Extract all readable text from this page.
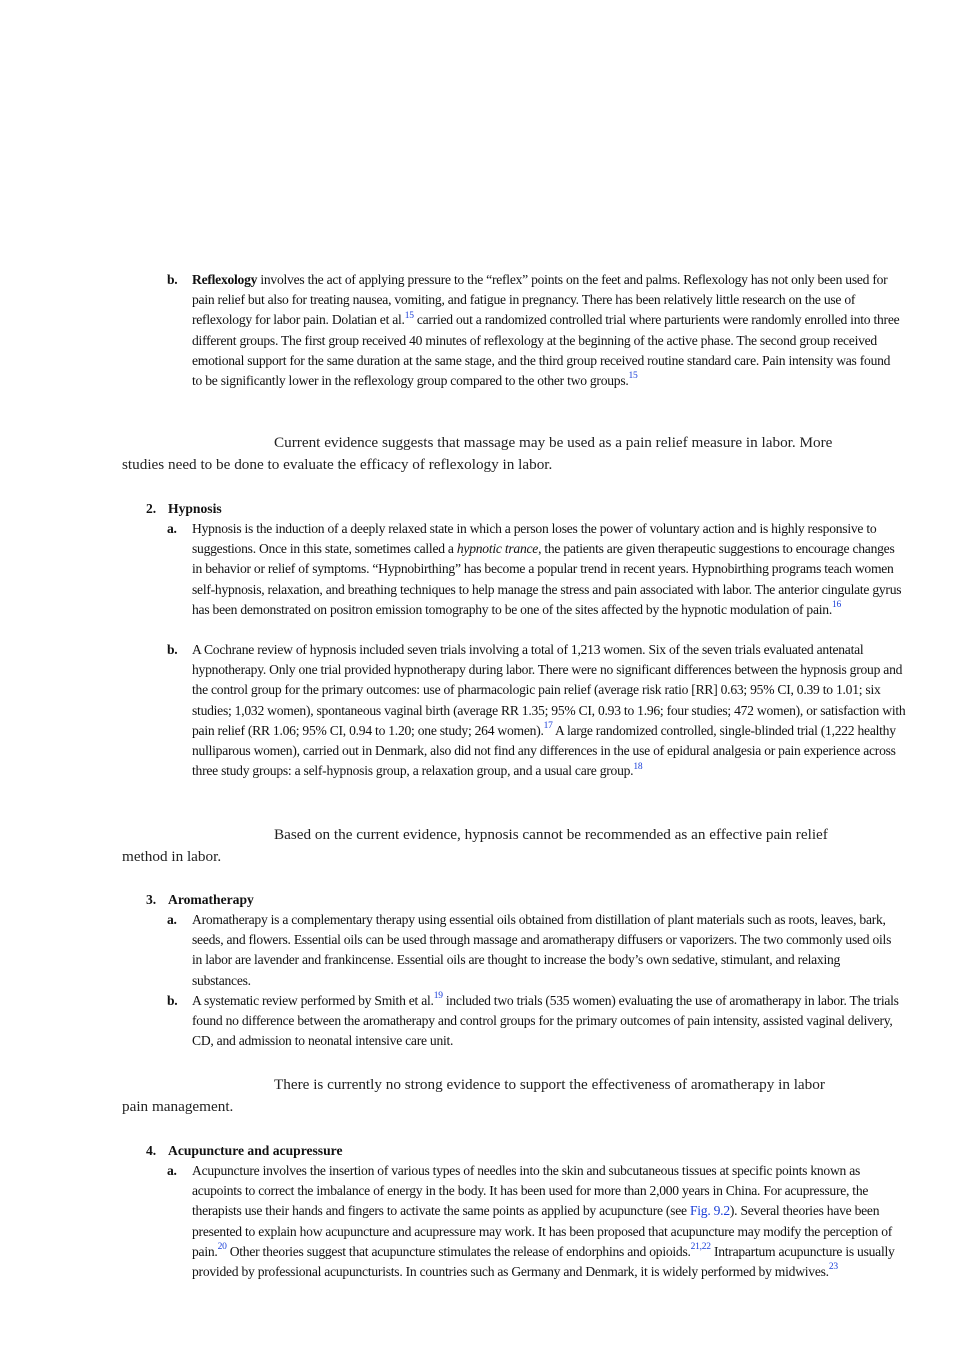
b. Reflexology involves the act of applying pressure to the “reflex” points on the feet and palms. Reflexology has not only been used for pain relief but also for treating nausea, vomiting, and fatigue in pregnancy. There has been relatively little research on the use of reflexology for labor pain. Dolatian et al.$^{15}$ carried out a randomized controlled trial where parturients were randomly enrolled into three different groups. The first group received 40 minutes of reflexology at the beginning of the active phase. The second group received emotional support for the same duration at the same stage, and the third group received routine standard care. Pain intensity was found to be significantly lower in the reflexology group compared to the other two groups.$^{15}$
Current evidence suggests that massage may be used as a pain relief measure in labor. More
studies need to be done to evaluate the efficacy of reflexology in labor.
2. Hypnosis
a. Hypnosis is the induction of a deeply relaxed state in which a person loses the power of voluntary action and is highly responsive to suggestions. Once in this state, sometimes called a hypnotic trance, the patients are given therapeutic suggestions to encourage changes in behavior or relief of symptoms. “Hypnobirthing” has become a popular trend in recent years. Hypnobirthing programs teach women self-hypnosis, relaxation, and breathing techniques to help manage the stress and pain associated with labor. The anterior cingulate gyrus has been demonstrated on positron emission tomography to be one of the sites affected by the hypnotic modulation of pain.$^{16}$
b. A Cochrane review of hypnosis included seven trials involving a total of 1,213 women. Six of the seven trials evaluated antenatal hypnotherapy. Only one trial provided hypnotherapy during labor. There were no significant differences between the hypnosis group and the control group for the primary outcomes: use of pharmacologic pain relief (average risk ratio [RR] 0.63; 95% CI, 0.39 to 1.01; six studies; 1,032 women), spontaneous vaginal birth (average RR 1.35; 95% CI, 0.93 to 1.96; four studies; 472 women), or satisfaction with pain relief (RR 1.06; 95% CI, 0.94 to 1.20; one study; 264 women).$^{17}$ A large randomized controlled, single-blinded trial (1,222 healthy nulliparous women), carried out in Denmark, also did not find any differences in the use of epidural analgesia or pain experience across three study groups: a self-hypnosis group, a relaxation group, and a usual care group.$^{18}$
Based on the current evidence, hypnosis cannot be recommended as an effective pain relief
method in labor.
3. Aromatherapy
a. Aromatherapy is a complementary therapy using essential oils obtained from distillation of plant materials such as roots, leaves, bark, seeds, and flowers. Essential oils can be used through massage and aromatherapy diffusers or vaporizers. The two commonly used oils in labor are lavender and frankincense. Essential oils are thought to increase the body’s own sedative, stimulant, and relaxing substances.
b. A systematic review performed by Smith et al.$^{19}$ included two trials (535 women) evaluating the use of aromatherapy in labor. The trials found no difference between the aromatherapy and control groups for the primary outcomes of pain intensity, assisted vaginal delivery, CD, and admission to neonatal intensive care unit.
There is currently no strong evidence to support the effectiveness of aromatherapy in labor
pain management.
4. Acupuncture and acupressure
a. Acupuncture involves the insertion of various types of needles into the skin and subcutaneous tissues at specific points known as acupoints to correct the imbalance of energy in the body. It has been used for more than 2,000 years in China. For acupressure, the therapists use their hands and fingers to activate the same points as applied by acupuncture (see Fig. 9.2). Several theories have been presented to explain how acupuncture and acupressure may work. It has been proposed that acupuncture may modify the perception of pain.$^{20}$ Other theories suggest that acupuncture stimulates the release of endorphins and opioids.$^{21,22}$ Intrapartum acupuncture is usually provided by professional acupuncturists. In countries such as Germany and Denmark, it is widely performed by midwives.$^{23}$
